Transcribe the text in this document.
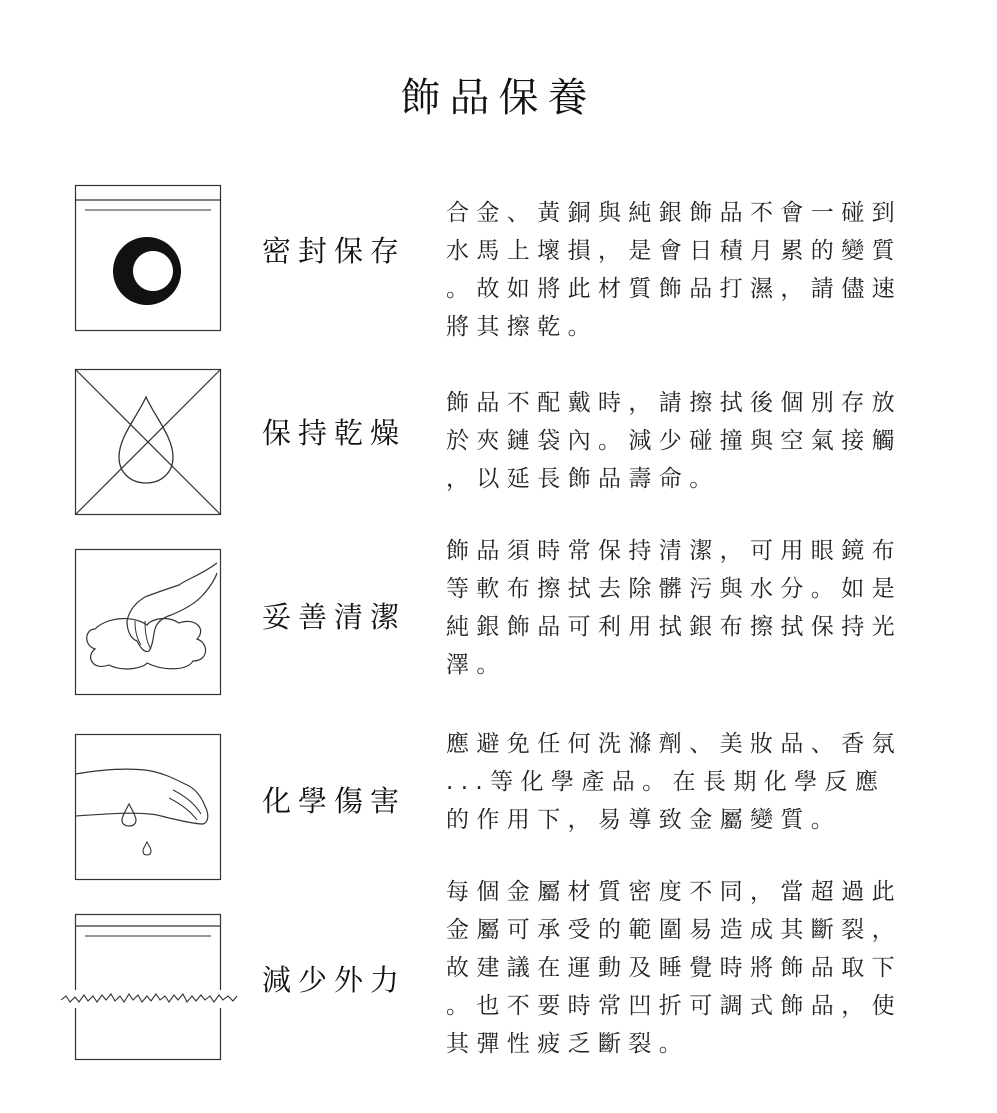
飾品保養
密封保存
合金、黃銅與純銀飾品不會一碰到
水馬上壞損，是會日積月累的變質
。故如將此材質飾品打濕，請儘速
將其擦乾。
保持乾燥
飾品不配戴時，請擦拭後個別存放
於夾鏈袋內。減少碰撞與空氣接觸
，以延長飾品壽命。
妥善清潔
飾品須時常保持清潔，可用眼鏡布
等軟布擦拭去除髒污與水分。如是
純銀飾品可利用拭銀布擦拭保持光
澤。
化學傷害
應避免任何洗滌劑、美妝品、香氛
...等化學產品。在長期化學反應
的作用下，易導致金屬變質。
減少外力
每個金屬材質密度不同，當超過此
金屬可承受的範圍易造成其斷裂，
故建議在運動及睡覺時將飾品取下
。也不要時常凹折可調式飾品，使
其彈性疲乏斷裂。
